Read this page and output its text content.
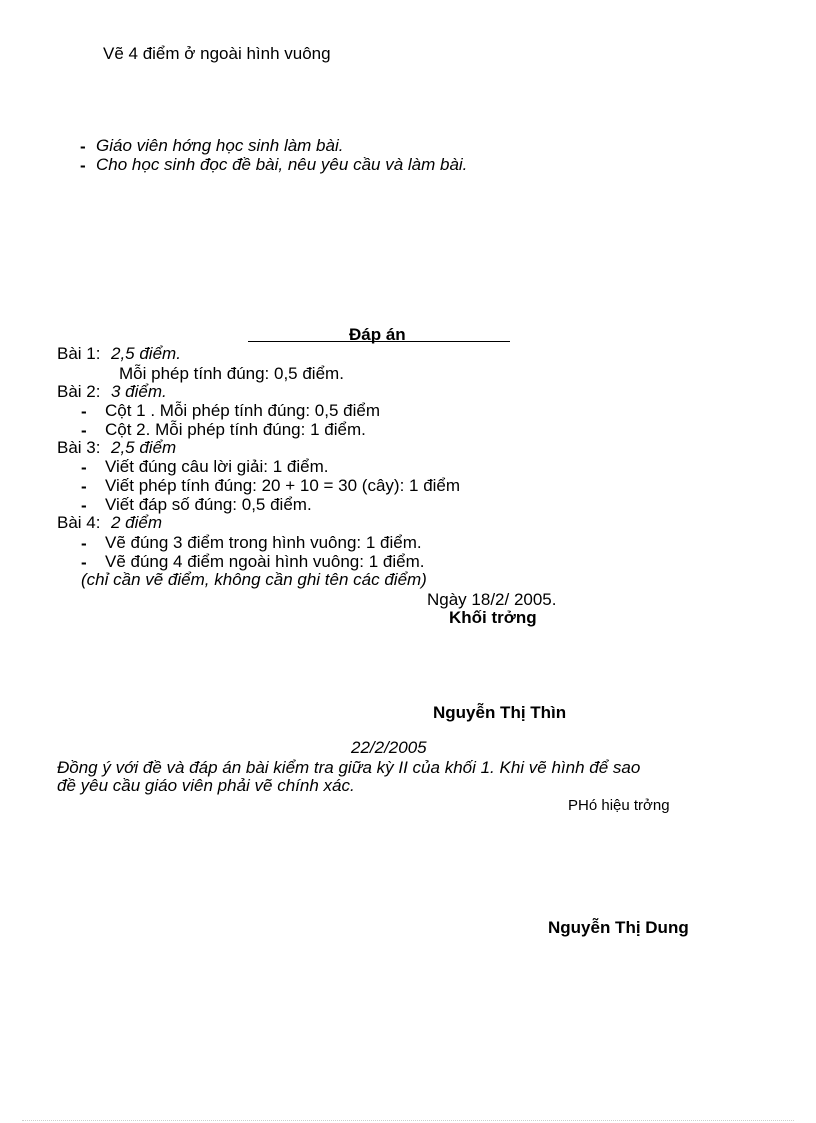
Vẽ 4 điểm ở ngoài hình vuông
- Giáo viên hớng học sinh làm bài.
- Cho học sinh đọc đề bài, nêu yêu cầu và làm bài.
Đáp án
Bài 1: 2,5 điểm.
Mỗi phép tính đúng: 0,5 điểm.
Bài 2: 3 điểm.
- Cột 1 . Mỗi phép tính đúng: 0,5 điểm
- Cột 2. Mỗi phép tính đúng: 1 điểm.
Bài 3: 2,5 điểm
- Viết đúng câu lời giải: 1 điểm.
- Viết phép tính đúng: 20 + 10 = 30 (cây): 1 điểm
- Viết đáp số đúng: 0,5 điểm.
Bài 4: 2 điểm
- Vẽ đúng 3 điểm trong hình vuông: 1 điểm.
- Vẽ đúng 4 điểm ngoài hình vuông: 1 điểm.
(chỉ cần vẽ điểm, không cần ghi tên các điểm)
Ngày 18/2/ 2005.
Khối trởng
Nguyễn Thị Thìn
22/2/2005
Đồng ý với đề và đáp án bài kiểm tra giữa kỳ II của khối 1. Khi vẽ hình để sao
đề yêu cầu giáo viên phải vẽ chính xác.
PHó hiệu trởng
Nguyễn Thị Dung
